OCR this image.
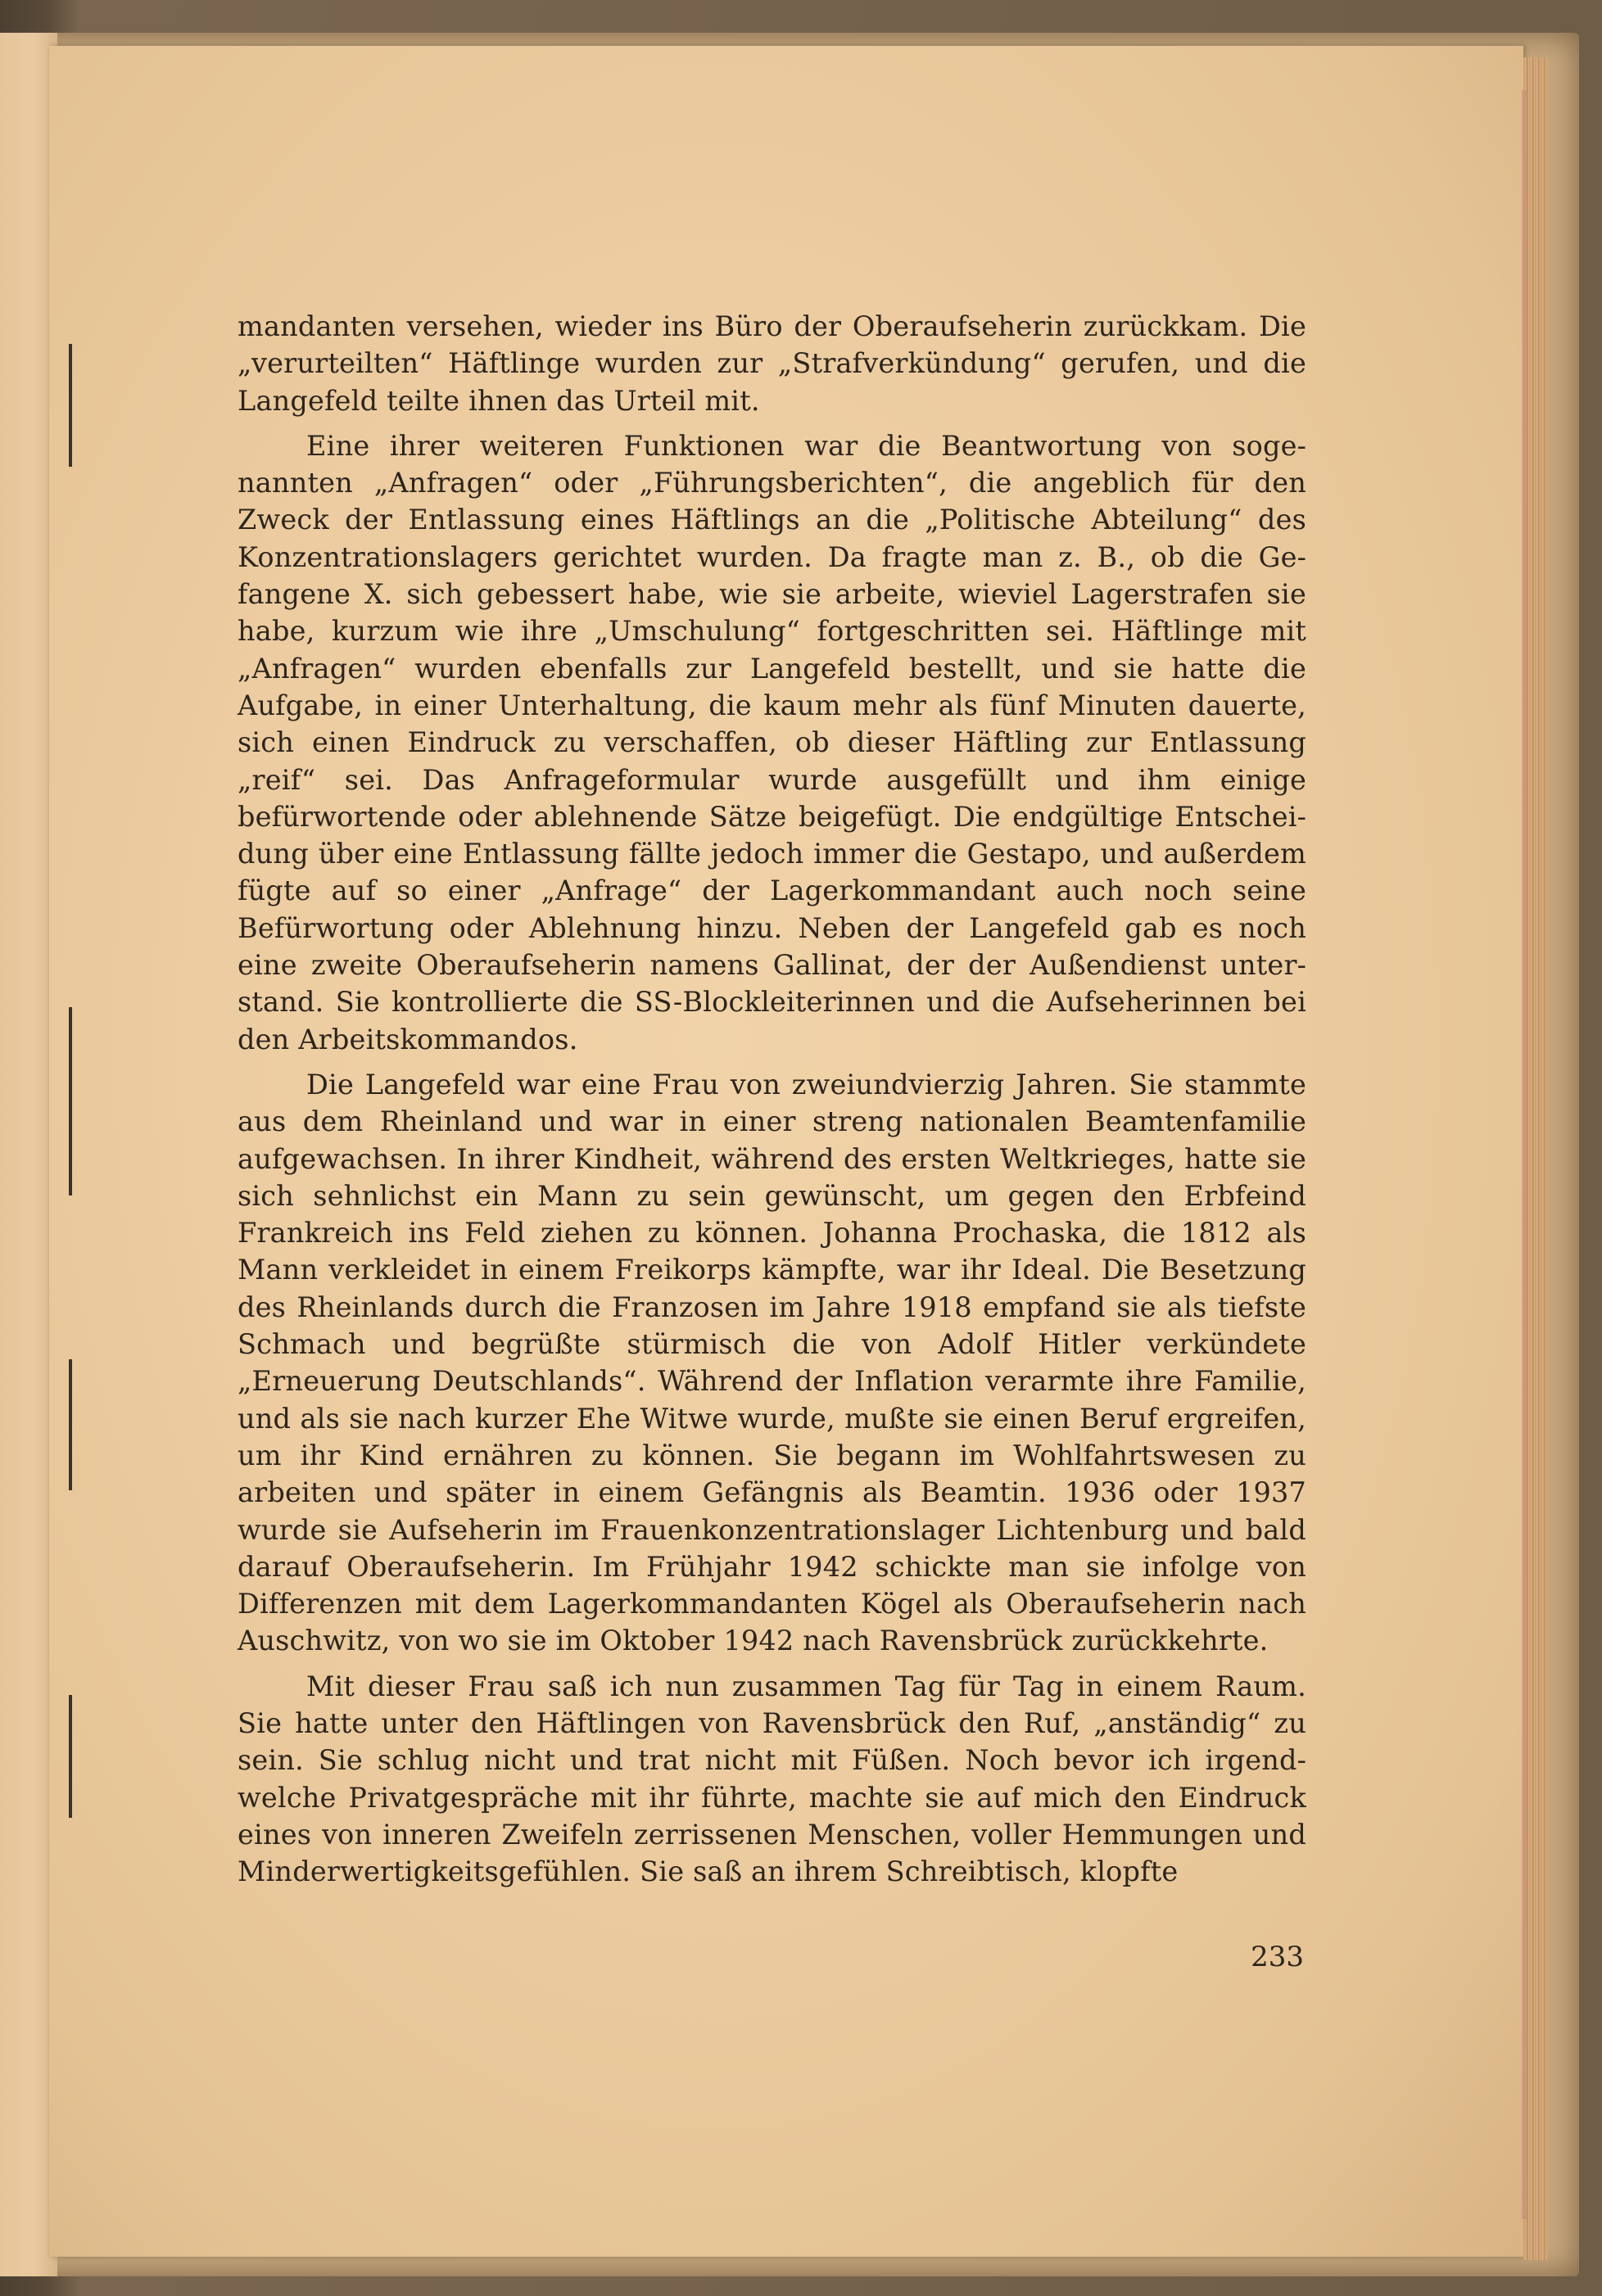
mandanten versehen, wieder ins Büro der Oberaufseherin zurückkam. Die „verurteilten“ Häftlinge wurden zur „Strafverkündung“ gerufen, und die Langefeld teilte ihnen das Urteil mit.

Eine ihrer weiteren Funktionen war die Beantwortung von sogenannten „Anfragen“ oder „Führungsberichten“, die angeblich für den Zweck der Entlassung eines Häftlings an die „Politische Abteilung“ des Konzentrationslagers gerichtet wurden. Da fragte man z. B., ob die Gefangene X. sich gebessert habe, wie sie arbeite, wieviel Lagerstrafen sie habe, kurzum wie ihre „Umschulung“ fortgeschritten sei. Häftlinge mit „Anfragen“ wurden ebenfalls zur Langefeld bestellt, und sie hatte die Aufgabe, in einer Unterhaltung, die kaum mehr als fünf Minuten dauerte, sich einen Eindruck zu verschaffen, ob dieser Häftling zur Entlassung „reif“ sei. Das Anfrageformular wurde ausgefüllt und ihm einige befürwortende oder ablehnende Sätze beigefügt. Die endgültige Entscheidung über eine Entlassung fällte jedoch immer die Gestapo, und außerdem fügte auf so einer „Anfrage“ der Lagerkommandant auch noch seine Befürwortung oder Ablehnung hinzu. Neben der Langefeld gab es noch eine zweite Oberaufseherin namens Gallinat, der der Außendienst unterstand. Sie kontrollierte die SS-Blockleiterinnen und die Aufseherinnen bei den Arbeitskommandos.

Die Langefeld war eine Frau von zweiundvierzig Jahren. Sie stammte aus dem Rheinland und war in einer streng nationalen Beamtenfamilie aufgewachsen. In ihrer Kindheit, während des ersten Weltkrieges, hatte sie sich sehnlichst ein Mann zu sein gewünscht, um gegen den Erbfeind Frankreich ins Feld ziehen zu können. Johanna Prochaska, die 1812 als Mann verkleidet in einem Freikorps kämpfte, war ihr Ideal. Die Besetzung des Rheinlands durch die Franzosen im Jahre 1918 empfand sie als tiefste Schmach und begrüßte stürmisch die von Adolf Hitler verkündete „Erneuerung Deutschlands“. Während der Inflation verarmte ihre Familie, und als sie nach kurzer Ehe Witwe wurde, mußte sie einen Beruf ergreifen, um ihr Kind ernähren zu können. Sie begann im Wohlfahrtswesen zu arbeiten und später in einem Gefängnis als Beamtin. 1936 oder 1937 wurde sie Aufseherin im Frauenkonzentrationslager Lichtenburg und bald darauf Oberaufseherin. Im Frühjahr 1942 schickte man sie infolge von Differenzen mit dem Lagerkommandanten Kögel als Oberaufseherin nach Auschwitz, von wo sie im Oktober 1942 nach Ravensbrück zurückkehrte.

Mit dieser Frau saß ich nun zusammen Tag für Tag in einem Raum. Sie hatte unter den Häftlingen von Ravensbrück den Ruf, „anständig“ zu sein. Sie schlug nicht und trat nicht mit Füßen. Noch bevor ich irgendwelche Privatgespräche mit ihr führte, machte sie auf mich den Eindruck eines von inneren Zweifeln zerrissenen Menschen, voller Hemmungen und Minderwertigkeitsgefühlen. Sie saß an ihrem Schreibtisch, klopfte

233
